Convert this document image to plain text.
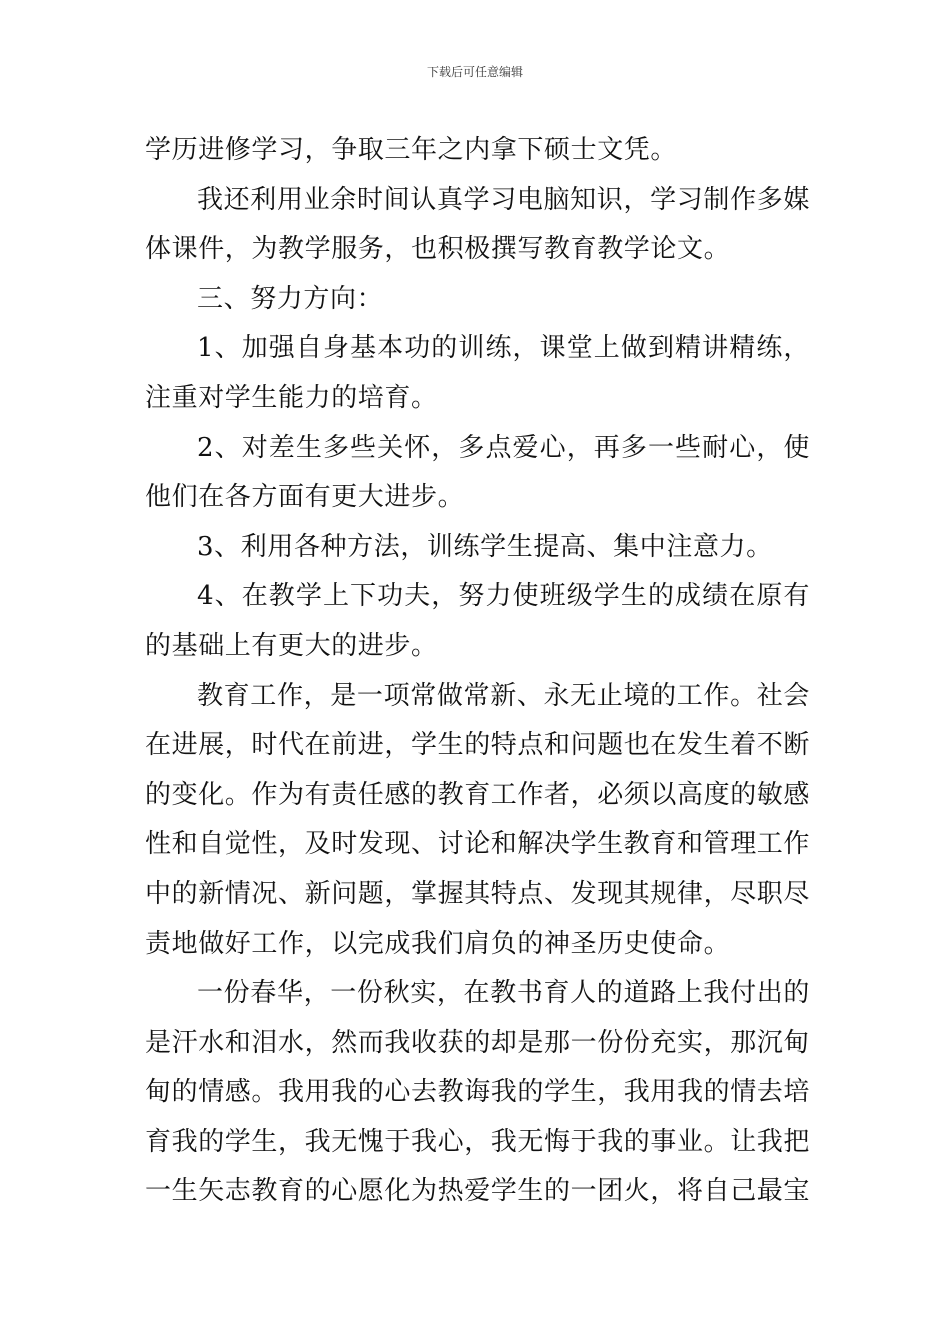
下载后可任意编辑

学历进修学习，争取三年之内拿下硕士文凭。

我还利用业余时间认真学习电脑知识，学习制作多媒体课件，为教学服务，也积极撰写教育教学论文。

三、努力方向：

1、加强自身基本功的训练，课堂上做到精讲精练，注重对学生能力的培育。

2、对差生多些关怀，多点爱心，再多一些耐心，使他们在各方面有更大进步。

3、利用各种方法，训练学生提高、集中注意力。

4、在教学上下功夫，努力使班级学生的成绩在原有的基础上有更大的进步。

教育工作，是一项常做常新、永无止境的工作。社会在进展，时代在前进，学生的特点和问题也在发生着不断的变化。作为有责任感的教育工作者，必须以高度的敏感性和自觉性，及时发现、讨论和解决学生教育和管理工作中的新情况、新问题，掌握其特点、发现其规律，尽职尽责地做好工作，以完成我们肩负的神圣历史使命。

一份春华，一份秋实，在教书育人的道路上我付出的是汗水和泪水，然而我收获的却是那一份份充实，那沉甸甸的情感。我用我的心去教诲我的学生，我用我的情去培育我的学生，我无愧于我心，我无悔于我的事业。让我把一生矢志教育的心愿化为热爱学生的一团火，将自己最宝
